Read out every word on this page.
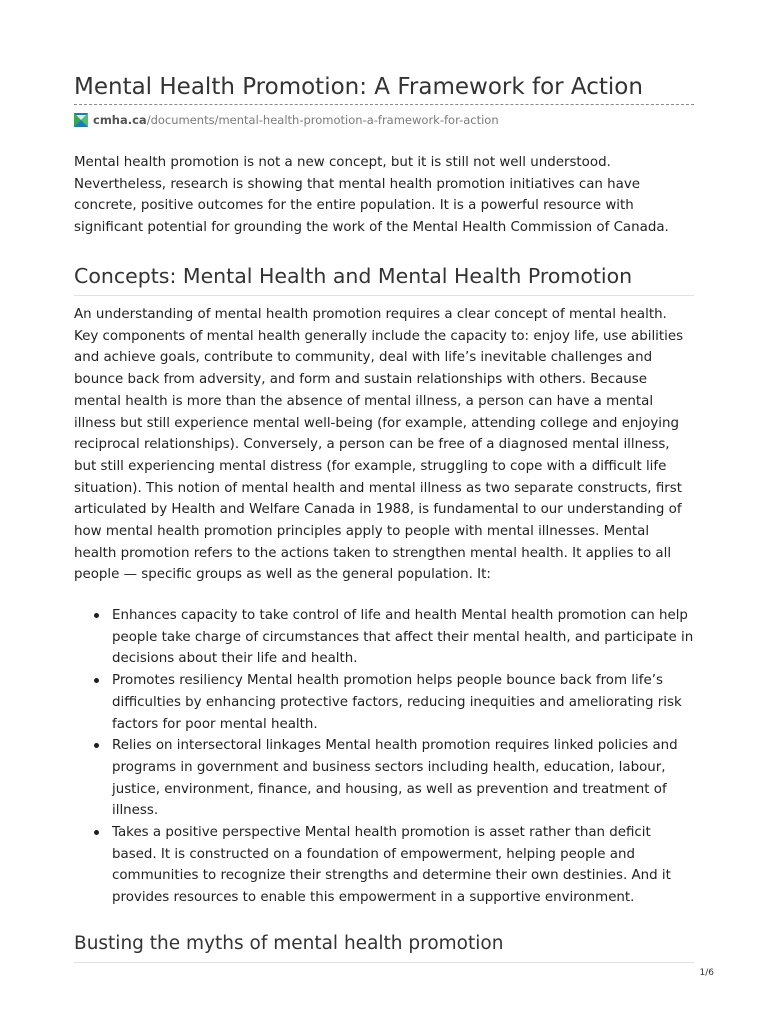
Mental Health Promotion: A Framework for Action
cmha.ca /documents/mental-health-promotion-a-framework-for-action

Mental health promotion is not a new concept, but it is still not well understood. Nevertheless, research is showing that mental health promotion initiatives can have concrete, positive outcomes for the entire population. It is a powerful resource with significant potential for grounding the work of the Mental Health Commission of Canada.

Concepts: Mental Health and Mental Health Promotion

An understanding of mental health promotion requires a clear concept of mental health. Key components of mental health generally include the capacity to: enjoy life, use abilities and achieve goals, contribute to community, deal with life’s inevitable challenges and bounce back from adversity, and form and sustain relationships with others. Because mental health is more than the absence of mental illness, a person can have a mental illness but still experience mental well-being (for example, attending college and enjoying reciprocal relationships). Conversely, a person can be free of a diagnosed mental illness, but still experiencing mental distress (for example, struggling to cope with a difficult life situation). This notion of mental health and mental illness as two separate constructs, first articulated by Health and Welfare Canada in 1988, is fundamental to our understanding of how mental health promotion principles apply to people with mental illnesses. Mental health promotion refers to the actions taken to strengthen mental health. It applies to all people — specific groups as well as the general population. It:

Enhances capacity to take control of life and health Mental health promotion can help people take charge of circumstances that affect their mental health, and participate in decisions about their life and health.
Promotes resiliency Mental health promotion helps people bounce back from life’s difficulties by enhancing protective factors, reducing inequities and ameliorating risk factors for poor mental health.
Relies on intersectoral linkages Mental health promotion requires linked policies and programs in government and business sectors including health, education, labour, justice, environment, finance, and housing, as well as prevention and treatment of illness.
Takes a positive perspective Mental health promotion is asset rather than deficit based. It is constructed on a foundation of empowerment, helping people and communities to recognize their strengths and determine their own destinies. And it provides resources to enable this empowerment in a supportive environment.
Busting the myths of mental health promotion
1/6
